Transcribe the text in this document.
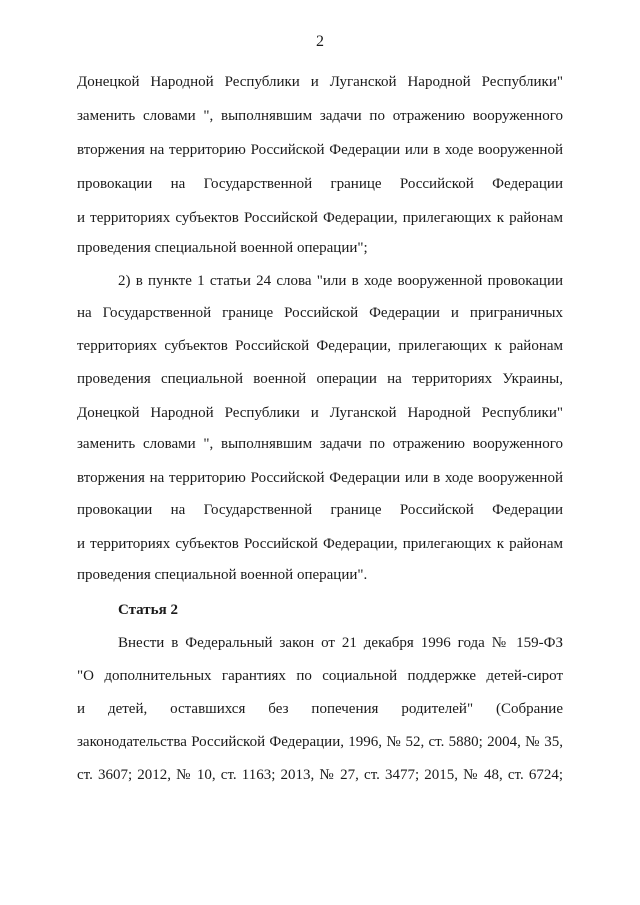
2
Донецкой Народной Республики и Луганской Народной Республики"
заменить словами ", выполнявшим задачи по отражению вооруженного
вторжения на территорию Российской Федерации или в ходе вооруженной
провокации на Государственной границе Российской Федерации
и территориях субъектов Российской Федерации, прилегающих к районам
проведения специальной военной операции";
2) в пункте 1 статьи 24 слова "или в ходе вооруженной провокации
на Государственной границе Российской Федерации и приграничных
территориях субъектов Российской Федерации, прилегающих к районам
проведения специальной военной операции на территориях Украины,
Донецкой Народной Республики и Луганской Народной Республики"
заменить словами ", выполнявшим задачи по отражению вооруженного
вторжения на территорию Российской Федерации или в ходе вооруженной
провокации на Государственной границе Российской Федерации
и территориях субъектов Российской Федерации, прилегающих к районам
проведения специальной военной операции".
Статья 2
Внести в Федеральный закон от 21 декабря 1996 года № 159-ФЗ
"О дополнительных гарантиях по социальной поддержке детей-сирот
и детей, оставшихся без попечения родителей" (Собрание
законодательства Российской Федерации, 1996, № 52, ст. 5880; 2004, № 35,
ст. 3607; 2012, № 10, ст. 1163; 2013, № 27, ст. 3477; 2015, № 48, ст. 6724;
